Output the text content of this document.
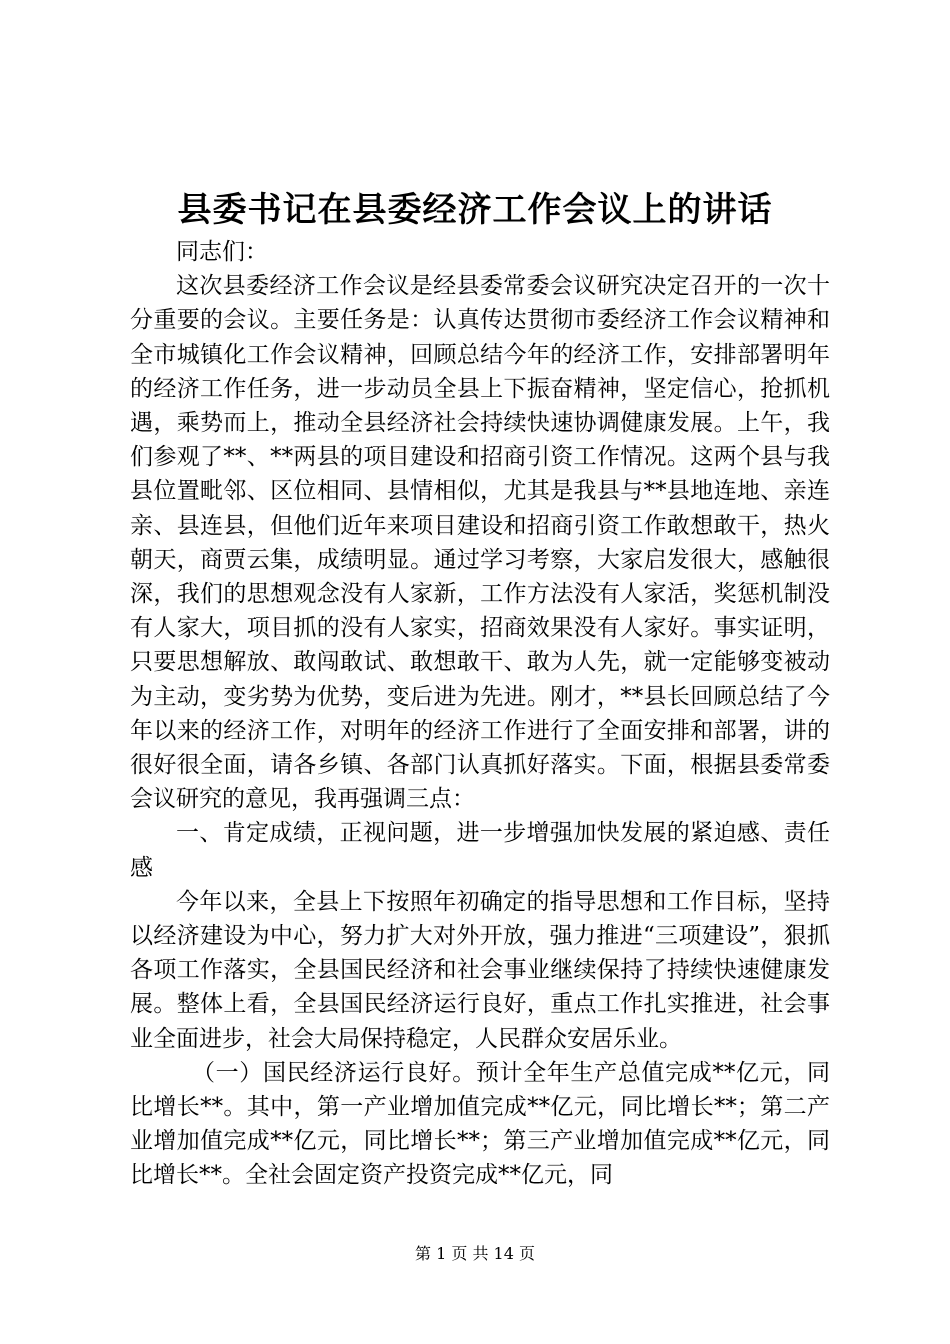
县委书记在县委经济工作会议上的讲话

同志们：

这次县委经济工作会议是经县委常委会议研究决定召开的一次十分重要的会议。主要任务是：认真传达贯彻市委经济工作会议精神和全市城镇化工作会议精神，回顾总结今年的经济工作，安排部署明年的经济工作任务，进一步动员全县上下振奋精神，坚定信心，抢抓机遇，乘势而上，推动全县经济社会持续快速协调健康发展。上午，我们参观了**、**两县的项目建设和招商引资工作情况。这两个县与我县位置毗邻、区位相同、县情相似，尤其是我县与**县地连地、亲连亲、县连县，但他们近年来项目建设和招商引资工作敢想敢干，热火朝天，商贾云集，成绩明显。通过学习考察，大家启发很大，感触很深，我们的思想观念没有人家新，工作方法没有人家活，奖惩机制没有人家大，项目抓的没有人家实，招商效果没有人家好。事实证明，只要思想解放、敢闯敢试、敢想敢干、敢为人先，就一定能够变被动为主动，变劣势为优势，变后进为先进。刚才，**县长回顾总结了今年以来的经济工作，对明年的经济工作进行了全面安排和部署，讲的很好很全面，请各乡镇、各部门认真抓好落实。下面，根据县委常委会议研究的意见，我再强调三点：

一、肯定成绩，正视问题，进一步增强加快发展的紧迫感、责任感

今年以来，全县上下按照年初确定的指导思想和工作目标，坚持以经济建设为中心，努力扩大对外开放，强力推进“三项建设”，狠抓各项工作落实，全县国民经济和社会事业继续保持了持续快速健康发展。整体上看，全县国民经济运行良好，重点工作扎实推进，社会事业全面进步，社会大局保持稳定，人民群众安居乐业。

（一）国民经济运行良好。预计全年生产总值完成**亿元，同比增长**。其中，第一产业增加值完成**亿元，同比增长**；第二产业增加值完成**亿元，同比增长**；第三产业增加值完成**亿元，同比增长**。全社会固定资产投资完成**亿元，同

第 1 页 共 14 页
